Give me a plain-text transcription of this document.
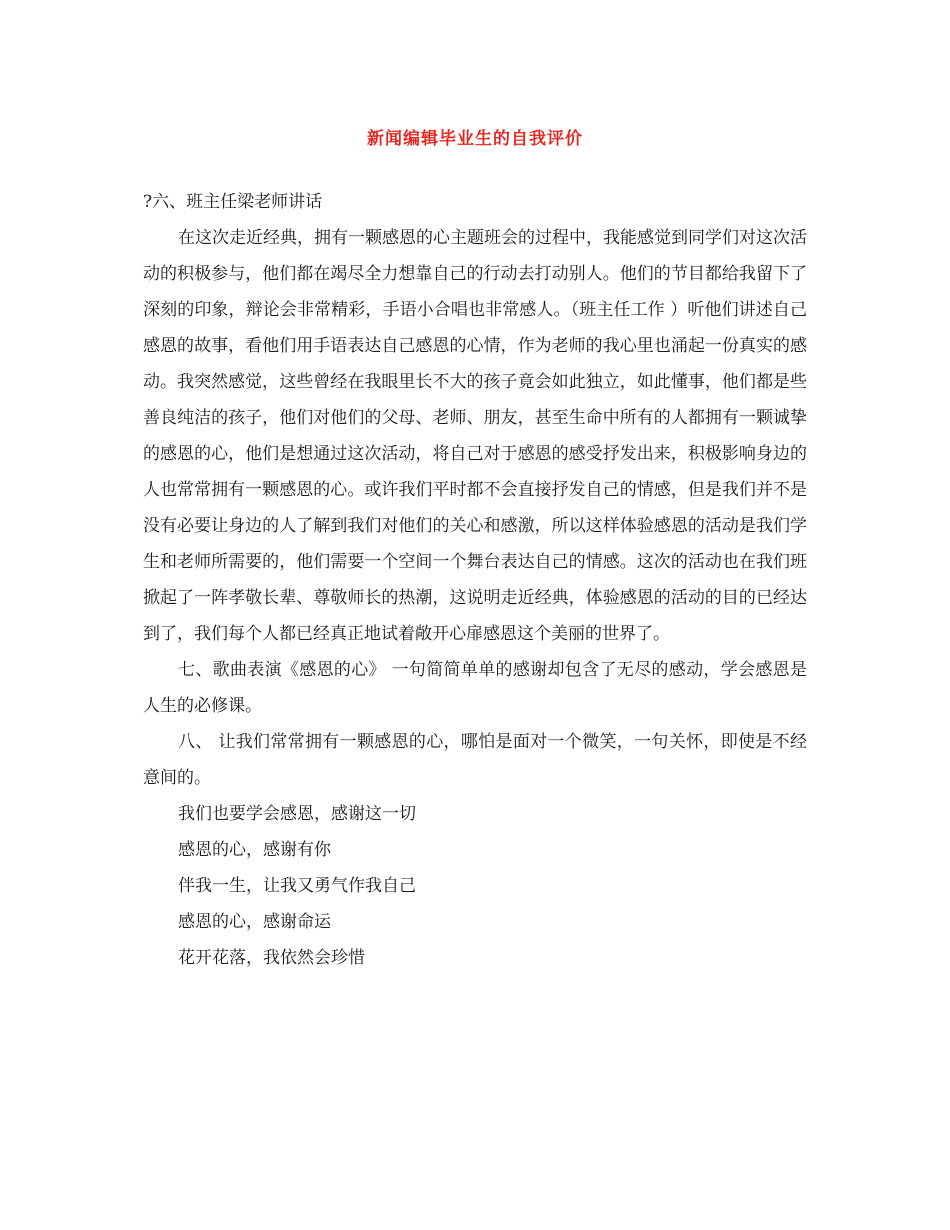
新闻编辑毕业生的自我评价

?六、班主任梁老师讲话

在这次走近经典，拥有一颗感恩的心主题班会的过程中，我能感觉到同学们对这次活动的积极参与，他们都在竭尽全力想靠自己的行动去打动别人。他们的节目都给我留下了深刻的印象，辩论会非常精彩，手语小合唱也非常感人。（班主任工作 ）听他们讲述自己感恩的故事，看他们用手语表达自己感恩的心情，作为老师的我心里也涌起一份真实的感动。我突然感觉，这些曾经在我眼里长不大的孩子竟会如此独立，如此懂事，他们都是些善良纯洁的孩子，他们对他们的父母、老师、朋友，甚至生命中所有的人都拥有一颗诚挚的感恩的心，他们是想通过这次活动，将自己对于感恩的感受抒发出来，积极影响身边的人也常常拥有一颗感恩的心。或许我们平时都不会直接抒发自己的情感，但是我们并不是没有必要让身边的人了解到我们对他们的关心和感激，所以这样体验感恩的活动是我们学生和老师所需要的，他们需要一个空间一个舞台表达自己的情感。这次的活动也在我们班掀起了一阵孝敬长辈、尊敬师长的热潮，这说明走近经典，体验感恩的活动的目的已经达到了，我们每个人都已经真正地试着敞开心扉感恩这个美丽的世界了。

七、歌曲表演《感恩的心》 一句简简单单的感谢却包含了无尽的感动，学会感恩是人生的必修课。

八、 让我们常常拥有一颗感恩的心，哪怕是面对一个微笑，一句关怀，即使是不经意间的。

我们也要学会感恩，感谢这一切

感恩的心，感谢有你

伴我一生，让我又勇气作我自己

感恩的心，感谢命运

花开花落，我依然会珍惜
